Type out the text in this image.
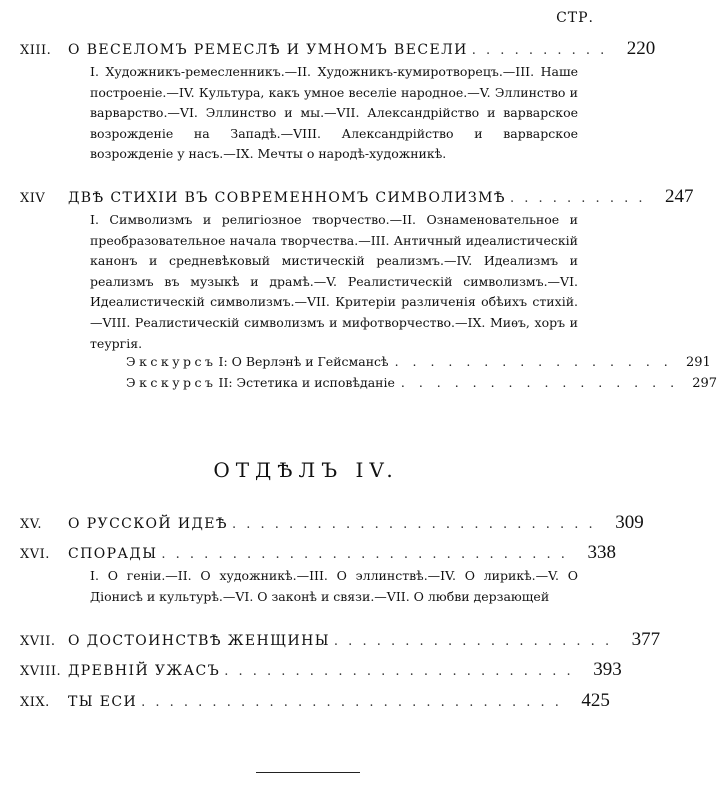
СТР.
XIII.	О ВЕСЕЛОМЪ РЕМЕСЛѢ И УМНОМЪ ВЕСЕЛИ . . . . . . . . . .	220
I. Художникъ-ремесленникъ.—II. Художникъ-кумиротворецъ.—III. Наше построеніе.—IV. Культура, какъ умное веселіе народное.—V. Эллинство и варварство.—VI. Эллинство и мы.—VII. Александрійство и варварское возрожденіе на Западѣ.—VIII. Александрійство и варварское возрожденіе у насъ.—IX. Мечты о народѣ-художникѣ.
XIV	ДВѢ СТИХІИ ВЪ СОВРЕМЕННОМЪ СИМВОЛИЗМѢ . . . . . . . . . .	247
I. Символизмъ и религіозное творчество.—II. Ознаменовательное и преобразовательное начала творчества.—III. Античный идеалистическій канонъ и средневѣковый мистическій реализмъ.—IV. Идеализмъ и реализмъ въ музыкѣ и драмѣ.—V. Реалистическій символизмъ.—VI. Идеалистическій символизмъ.—VII. Критеріи различенія обѣихъ стихій.—VIII. Реалистическій символизмъ и мифотворчество.—IX. Миѳъ, хоръ и теургія.
Экскурсъ I: О Верлэнѣ и Гейсманcѣ . . . . . . . . . . . . . . . .	291
Экскурсъ II: Эстетика и исповѣданіе . . . . . . . . . . . . . . . .	297
ОТДѢЛЪ IV.
XV.	О РУССКОЙ ИДЕѢ . . . . . . . . . . . . . . . . . . . . . . . . . .	309
XVI.	СПОРАДЫ . . . . . . . . . . . . . . . . . . . . . . . . . . . . .	338
I. О геніи.—II. О художникѣ.—III. О эллинствѣ.—IV. О лирикѣ.—V. О Діонисѣ и культурѣ.—VI. О законѣ и связи.—VII. О любви дерзающей
XVII. О ДОСТОИНСТВѢ ЖЕНЩИНЫ . . . . . . . . . . . . . . . . . . . .	377
XVIII. ДРЕВНІЙ УЖАСЪ . . . . . . . . . . . . . . . . . . . . . . . . .	393
XIX.	ТЫ ЕСИ . . . . . . . . . . . . . . . . . . . . . . . . . . . . . .	425
